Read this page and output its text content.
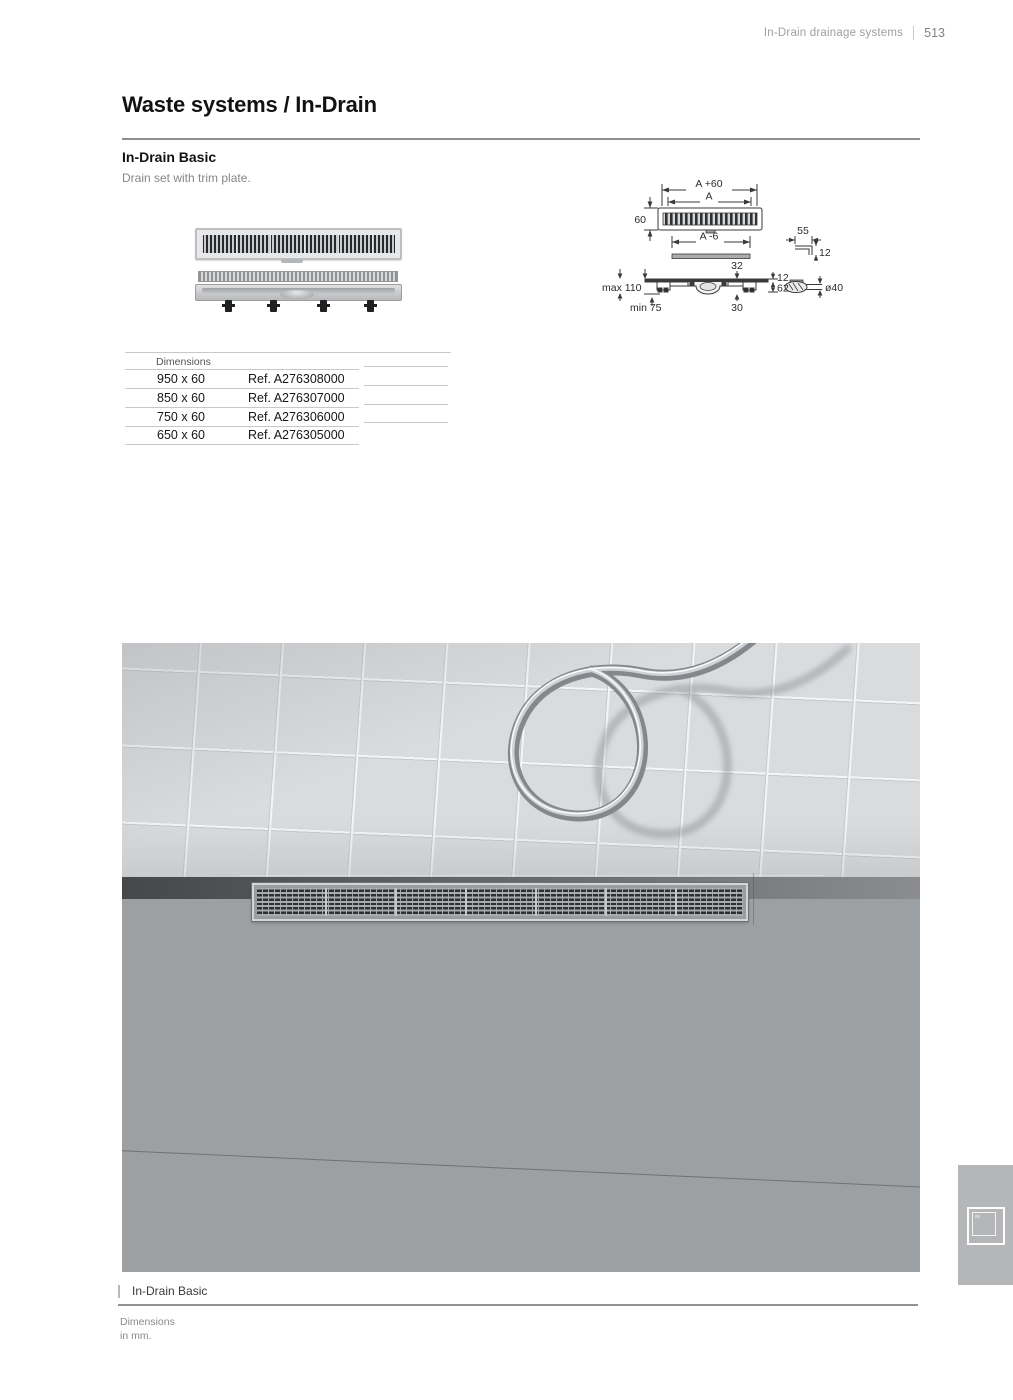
In-Drain drainage systems 513
Waste systems / In-Drain
In-Drain Basic
Drain set with trim plate.	A +60
A
60
A -6	55
12
32
12
62
max 110
min 75	30
ø40
Dimensions
950 x 60	Ref. A276308000
850 x 60	Ref. A276307000
750 x 60	Ref. A276306000
650 x 60	Ref. A276305000
In-Drain Basic
Dimensions
in mm.
